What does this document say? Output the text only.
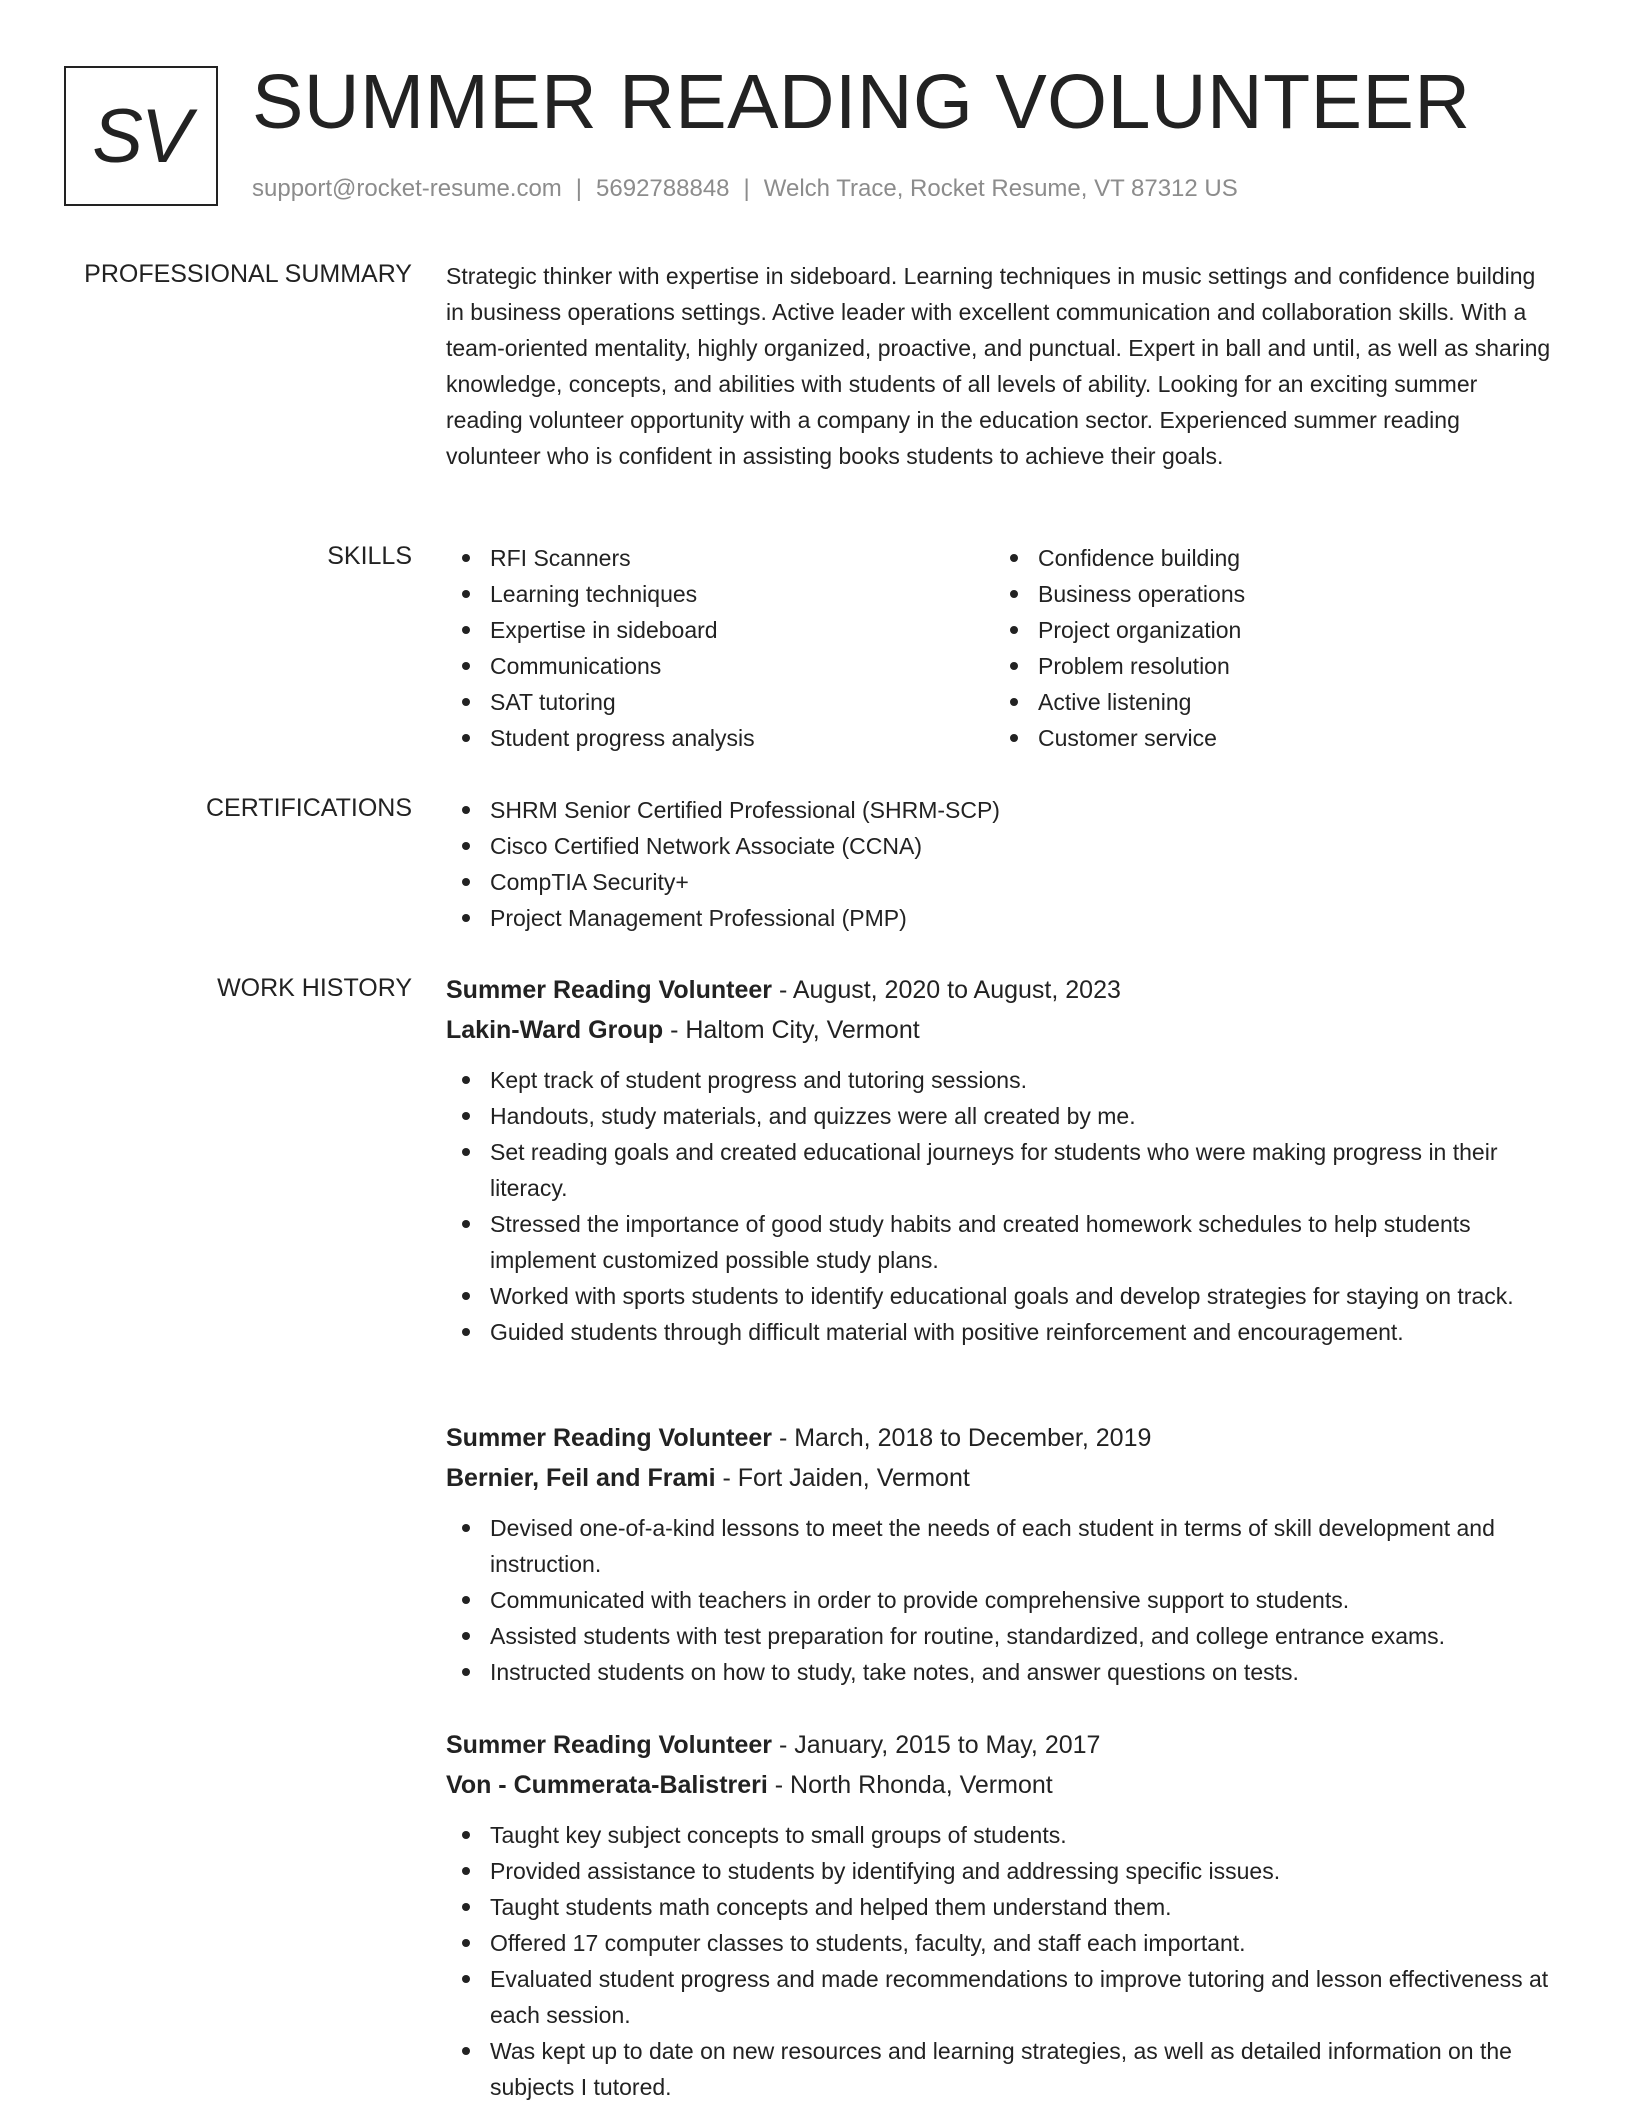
SV SUMMER READING VOLUNTEER
support@rocket-resume.com | 5692788848 | Welch Trace, Rocket Resume, VT 87312 US
PROFESSIONAL SUMMARY Strategic thinker with expertise in sideboard. Learning techniques in music settings and confidence building in business operations settings. Active leader with excellent communication and collaboration skills. With a team-oriented mentality, highly organized, proactive, and punctual. Expert in ball and until, as well as sharing knowledge, concepts, and abilities with students of all levels of ability. Looking for an exciting summer reading volunteer opportunity with a company in the education sector. Experienced summer reading volunteer who is confident in assisting books students to achieve their goals.

SKILLS	RFI Scanners
Learning techniques
Expertise in sideboard
Communications
SAT tutoring
Student progress analysis
Confidence building
Business operations
Project organization
Problem resolution
Active listening
Customer service
CERTIFICATIONS	SHRM Senior Certified Professional (SHRM-SCP)
Cisco Certified Network Associate (CCNA)
CompTIA Security+
Project Management Professional (PMP)
WORK HISTORY Summer Reading Volunteer - August, 2020 to August, 2023
Lakin-Ward Group - Haltom City, Vermont
Kept track of student progress and tutoring sessions.
Handouts, study materials, and quizzes were all created by me.
Set reading goals and created educational journeys for students who were making progress in their literacy.
Stressed the importance of good study habits and created homework schedules to help students implement customized possible study plans.
Worked with sports students to identify educational goals and develop strategies for staying on track.
Guided students through difficult material with positive reinforcement and encouragement.
Summer Reading Volunteer - March, 2018 to December, 2019
Bernier, Feil and Frami - Fort Jaiden, Vermont
Devised one-of-a-kind lessons to meet the needs of each student in terms of skill development and instruction.
Communicated with teachers in order to provide comprehensive support to students.
Assisted students with test preparation for routine, standardized, and college entrance exams.
Instructed students on how to study, take notes, and answer questions on tests.
Summer Reading Volunteer - January, 2015 to May, 2017
Von - Cummerata-Balistreri - North Rhonda, Vermont
Taught key subject concepts to small groups of students.
Provided assistance to students by identifying and addressing specific issues.
Taught students math concepts and helped them understand them.
Offered 17 computer classes to students, faculty, and staff each important.
Evaluated student progress and made recommendations to improve tutoring and lesson effectiveness at each session.
Was kept up to date on new resources and learning strategies, as well as detailed information on the subjects I tutored.
